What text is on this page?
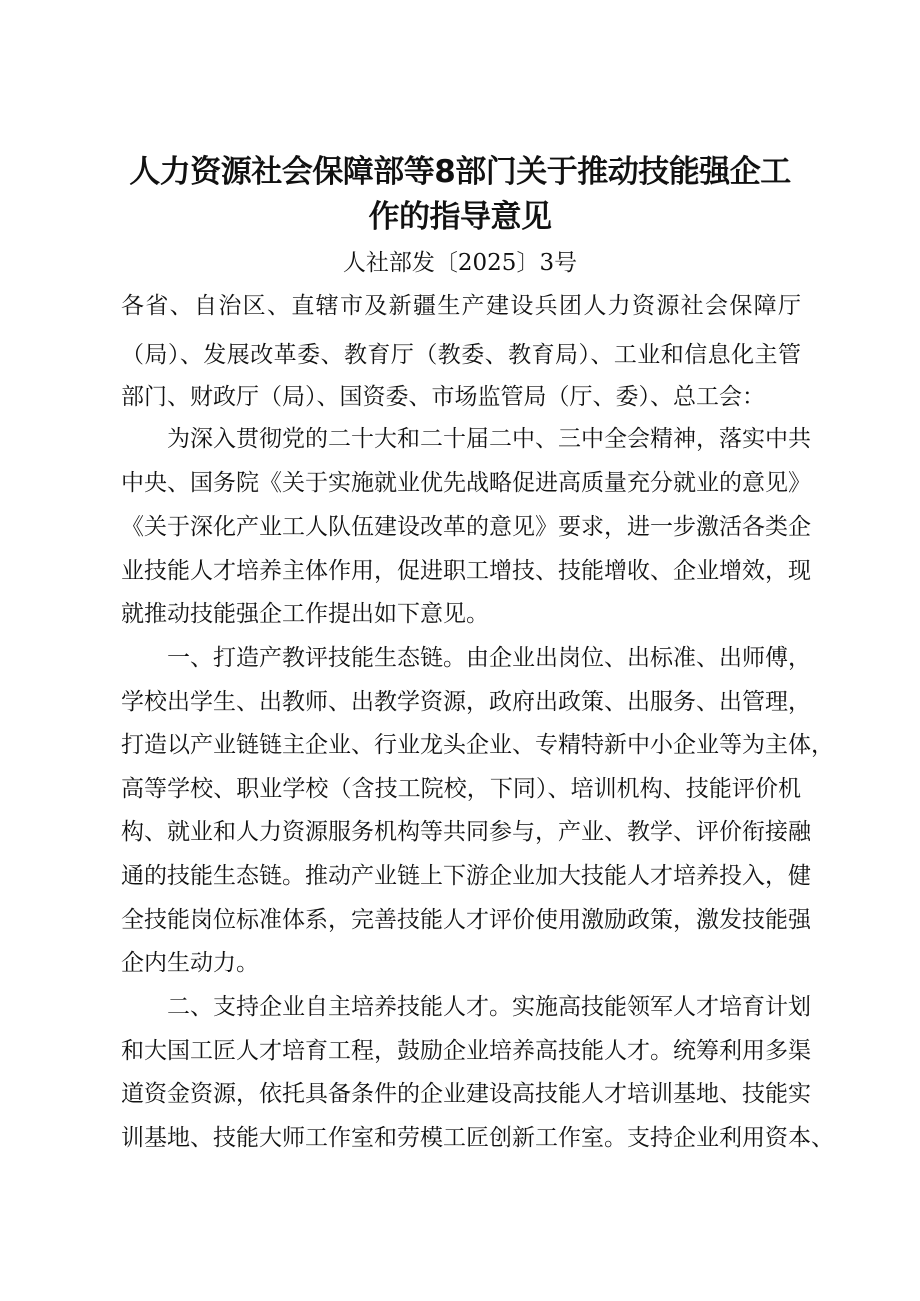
人力资源社会保障部等8部门关于推动技能强企工
作的指导意见
人社部发〔2025〕3号
各省、自治区、直辖市及新疆生产建设兵团人力资源社会保障厅
（局）、发展改革委、教育厅（教委、教育局）、工业和信息化主管
部门、财政厅（局）、国资委、市场监管局（厅、委）、总工会：
为深入贯彻党的二十大和二十届二中、三中全会精神，落实中共
中央、国务院《关于实施就业优先战略促进高质量充分就业的意见》
《关于深化产业工人队伍建设改革的意见》要求，进一步激活各类企
业技能人才培养主体作用，促进职工增技、技能增收、企业增效，现
就推动技能强企工作提出如下意见。
一、打造产教评技能生态链。由企业出岗位、出标准、出师傅，
学校出学生、出教师、出教学资源，政府出政策、出服务、出管理，
打造以产业链链主企业、行业龙头企业、专精特新中小企业等为主体，
高等学校、职业学校（含技工院校，下同）、培训机构、技能评价机
构、就业和人力资源服务机构等共同参与，产业、教学、评价衔接融
通的技能生态链。推动产业链上下游企业加大技能人才培养投入，健
全技能岗位标准体系，完善技能人才评价使用激励政策，激发技能强
企内生动力。
二、支持企业自主培养技能人才。实施高技能领军人才培育计划
和大国工匠人才培育工程，鼓励企业培养高技能人才。统筹利用多渠
道资金资源，依托具备条件的企业建设高技能人才培训基地、技能实
训基地、技能大师工作室和劳模工匠创新工作室。支持企业利用资本、
